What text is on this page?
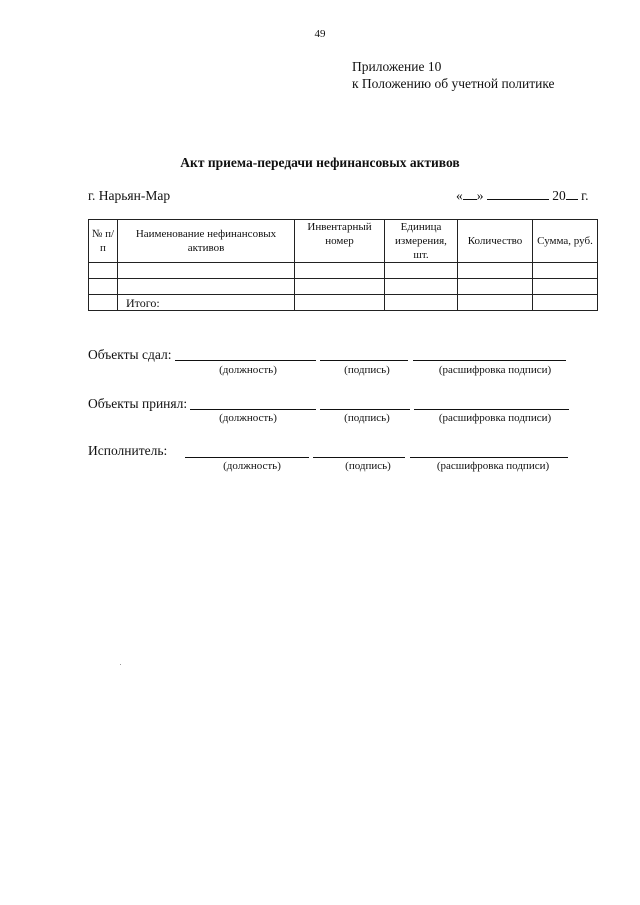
49
Приложение 10
к Положению об учетной политике
Акт приема-передачи нефинансовых активов
г. Нарьян-Мар	« »	20 г.
№ п/п	Наименование нефинансовых активов	Инвентарный номер	Единица измерения, шт.	Количество	Сумма, руб.

	Итого:				
Объекты сдал:
(должность)	(подпись)	(расшифровка подписи)
Объекты принял:
(должность)	(подпись)	(расшифровка подписи)
Исполнитель:
(должность)	(подпись)	(расшифровка подписи)
